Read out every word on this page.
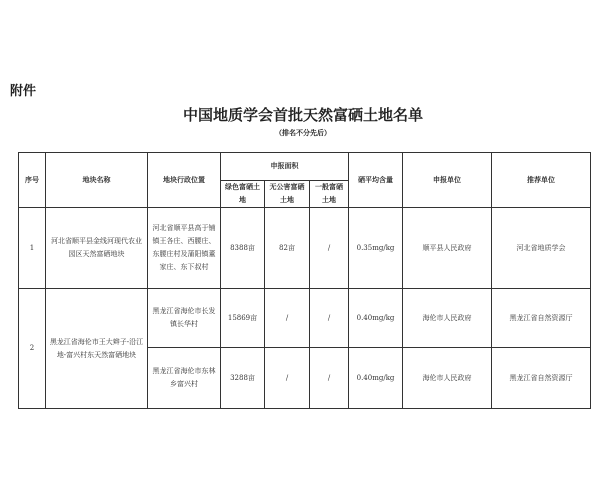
附件
中国地质学会首批天然富硒土地名单
（排名不分先后）
序号	地块名称	地块行政位置	申报面积			硒平均含量	申报单位	推荐单位
			绿色富硒土地	无公害富硒土地	一般富硒土地			
1	河北省顺平县金线河现代农业园区天然富硒地块	河北省顺平县高于铺镇王各庄、西腰庄、东腰庄村及蒲阳镇董家庄、东下叔村	8388亩	82亩	/	0.35mg/kg	顺平县人民政府	河北省地质学会
2	黑龙江省海伦市王大辫子-沿江地-富兴村东天然富硒地块	黑龙江省海伦市长发镇长华村	15869亩	/	/	0.40mg/kg	海伦市人民政府	黑龙江省自然资源厅
		黑龙江省海伦市东林乡富兴村	3288亩	/	/	0.40mg/kg	海伦市人民政府	黑龙江省自然资源厅
